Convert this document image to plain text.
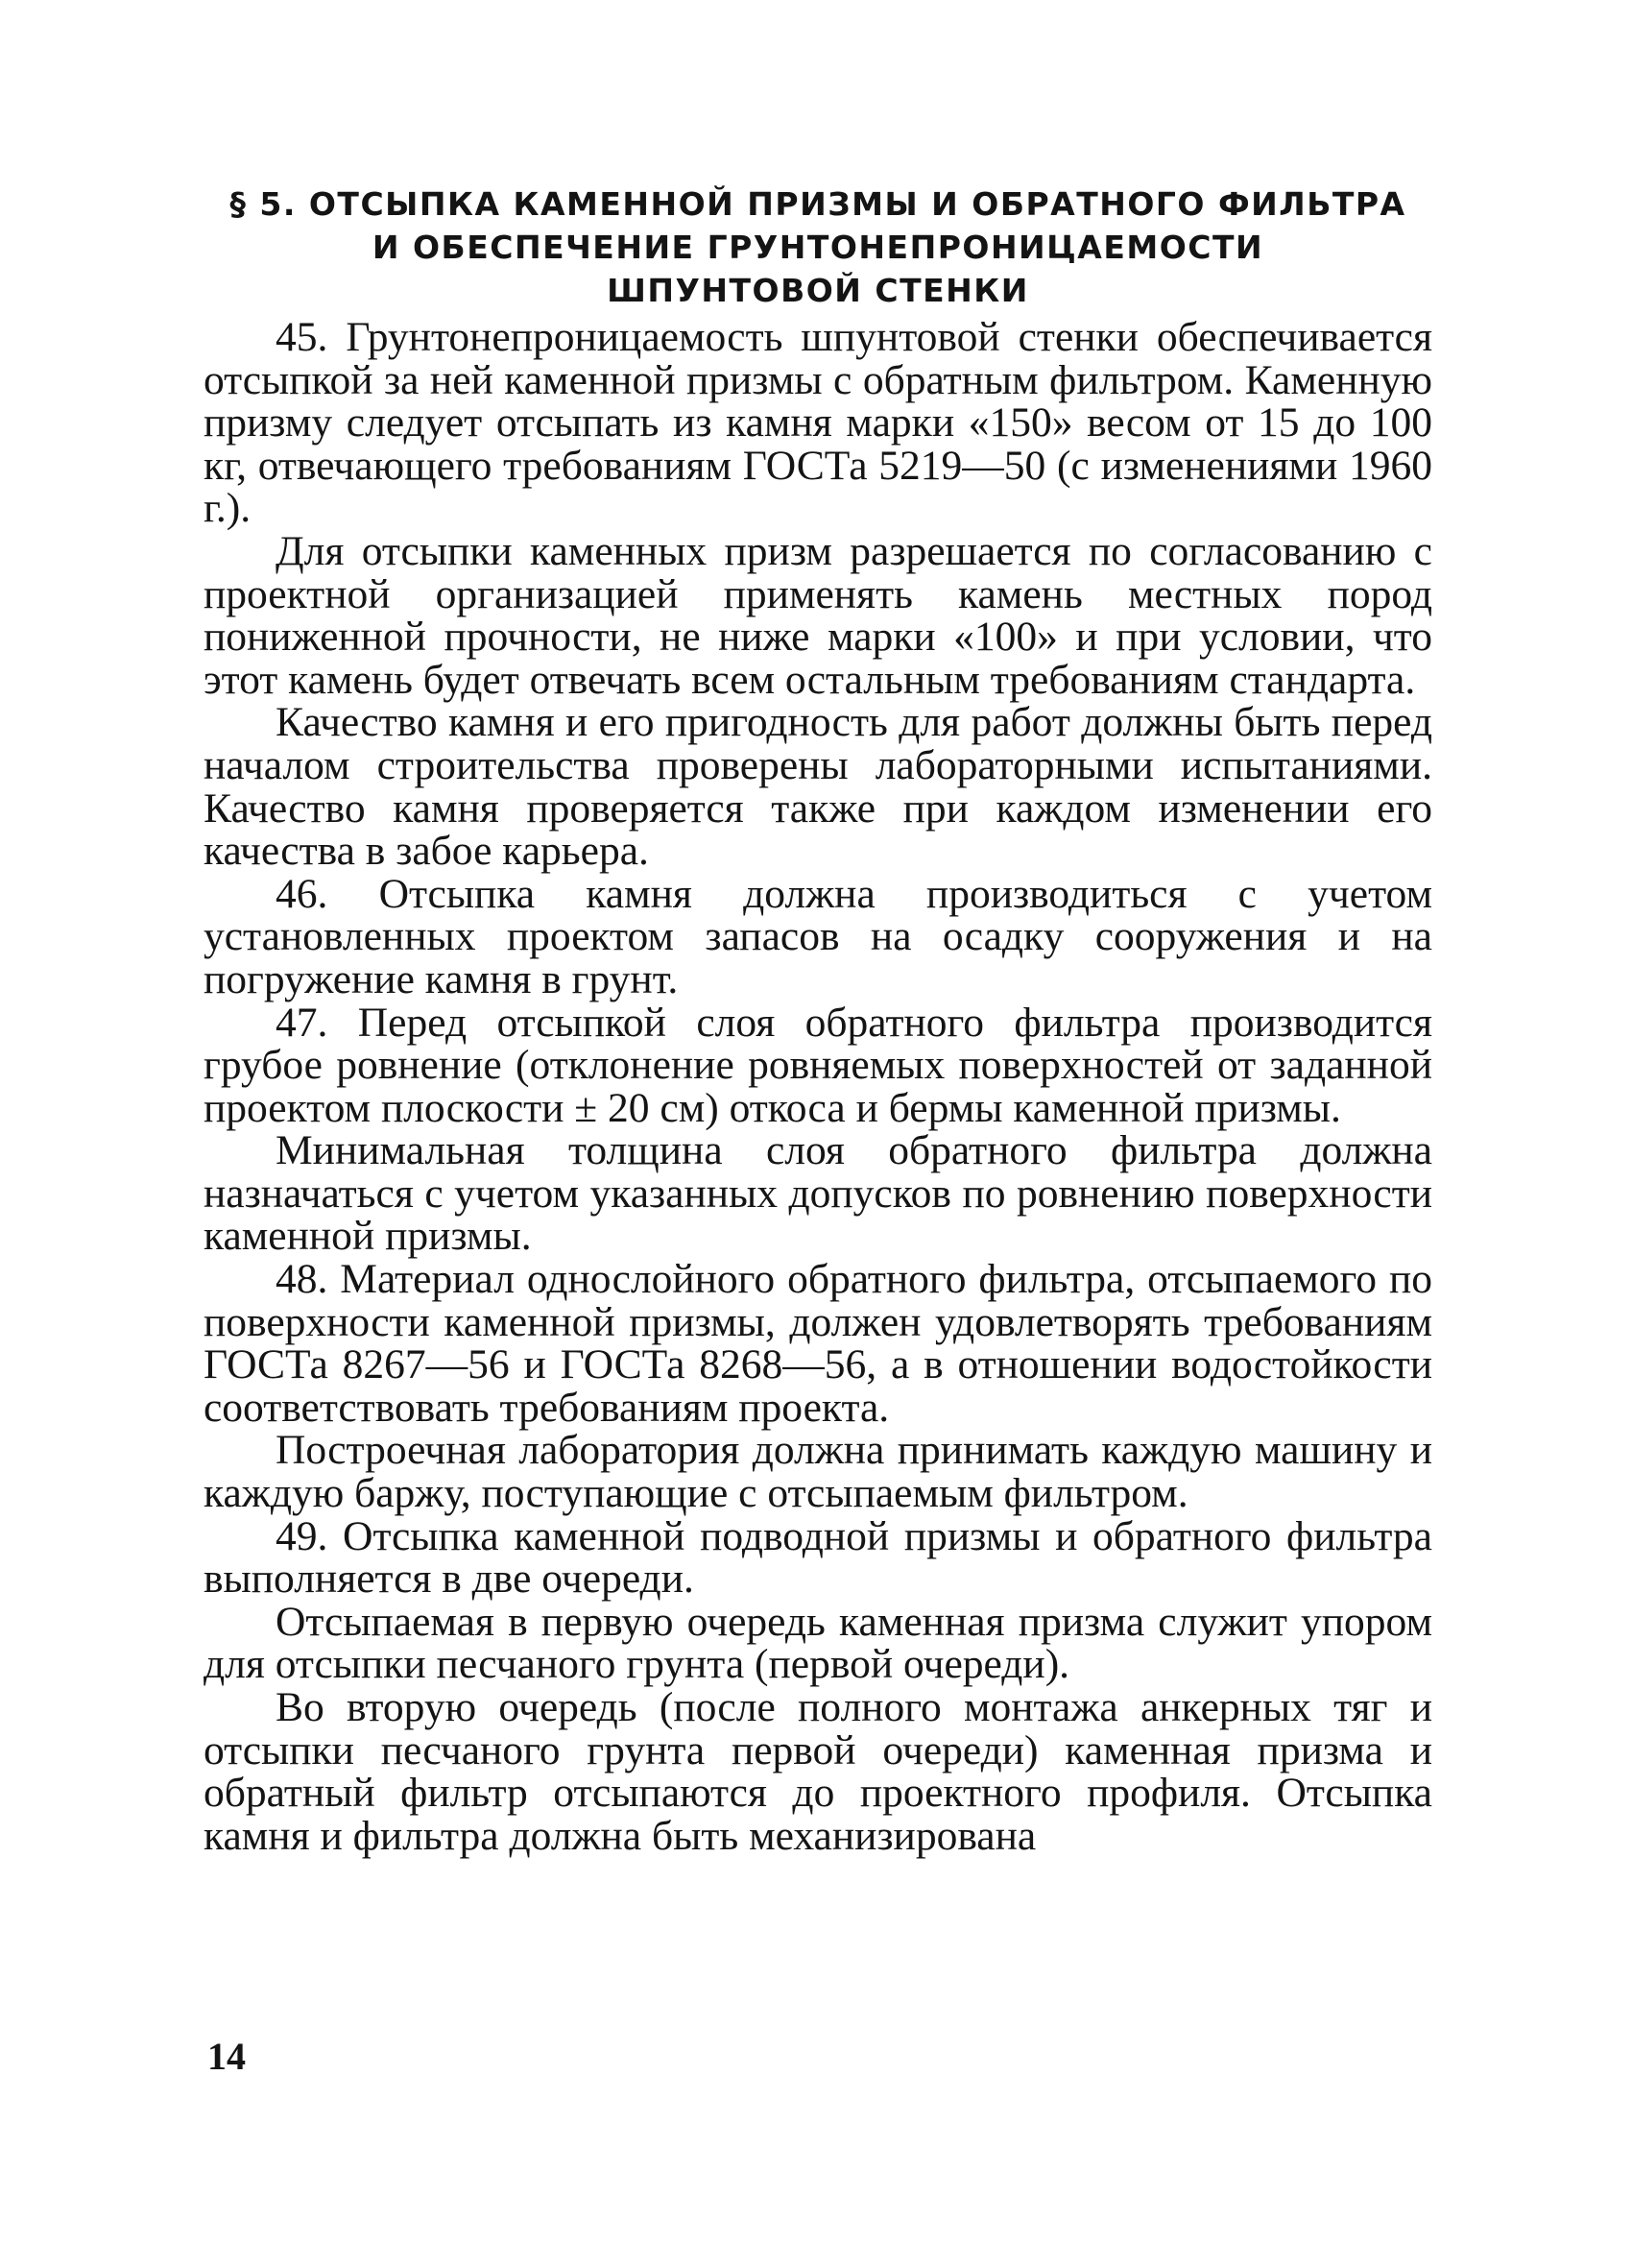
§ 5. ОТСЫПКА КАМЕННОЙ ПРИЗМЫ И ОБРАТНОГО ФИЛЬТРА
И ОБЕСПЕЧЕНИЕ ГРУНТОНЕПРОНИЦАЕМОСТИ
ШПУНТОВОЙ СТЕНКИ

45. Грунтонепроницаемость шпунтовой стенки обеспечивается отсыпкой за ней каменной призмы с обратным фильтром. Каменную призму следует отсыпать из камня марки «150» весом от 15 до 100 кг, отвечающего требованиям ГОСТа 5219—50 (с изменениями 1960 г.).

Для отсыпки каменных призм разрешается по согласованию с проектной организацией применять камень местных пород пониженной прочности, не ниже марки «100» и при условии, что этот камень будет отвечать всем остальным требованиям стандарта.

Качество камня и его пригодность для работ должны быть перед началом строительства проверены лабораторными испытаниями. Качество камня проверяется также при каждом изменении его качества в забое карьера.

46. Отсыпка камня должна производиться с учетом установленных проектом запасов на осадку сооружения и на погружение камня в грунт.

47. Перед отсыпкой слоя обратного фильтра производится грубое ровнение (отклонение ровняемых поверхностей от заданной проектом плоскости ± 20 см) откоса и бермы каменной призмы.

Минимальная толщина слоя обратного фильтра должна назначаться с учетом указанных допусков по ровнению поверхности каменной призмы.

48. Материал однослойного обратного фильтра, отсыпаемого по поверхности каменной призмы, должен удовлетворять требованиям ГОСТа 8267—56 и ГОСТа 8268—56, а в отношении водостойкости соответствовать требованиям проекта.

Построечная лаборатория должна принимать каждую машину и каждую баржу, поступающие с отсыпаемым фильтром.

49. Отсыпка каменной подводной призмы и обратного фильтра выполняется в две очереди.

Отсыпаемая в первую очередь каменная призма служит упором для отсыпки песчаного грунта (первой очереди).

Во вторую очередь (после полного монтажа анкерных тяг и отсыпки песчаного грунта первой очереди) каменная призма и обратный фильтр отсыпаются до проектного профиля. Отсыпка камня и фильтра должна быть механизирована

14
